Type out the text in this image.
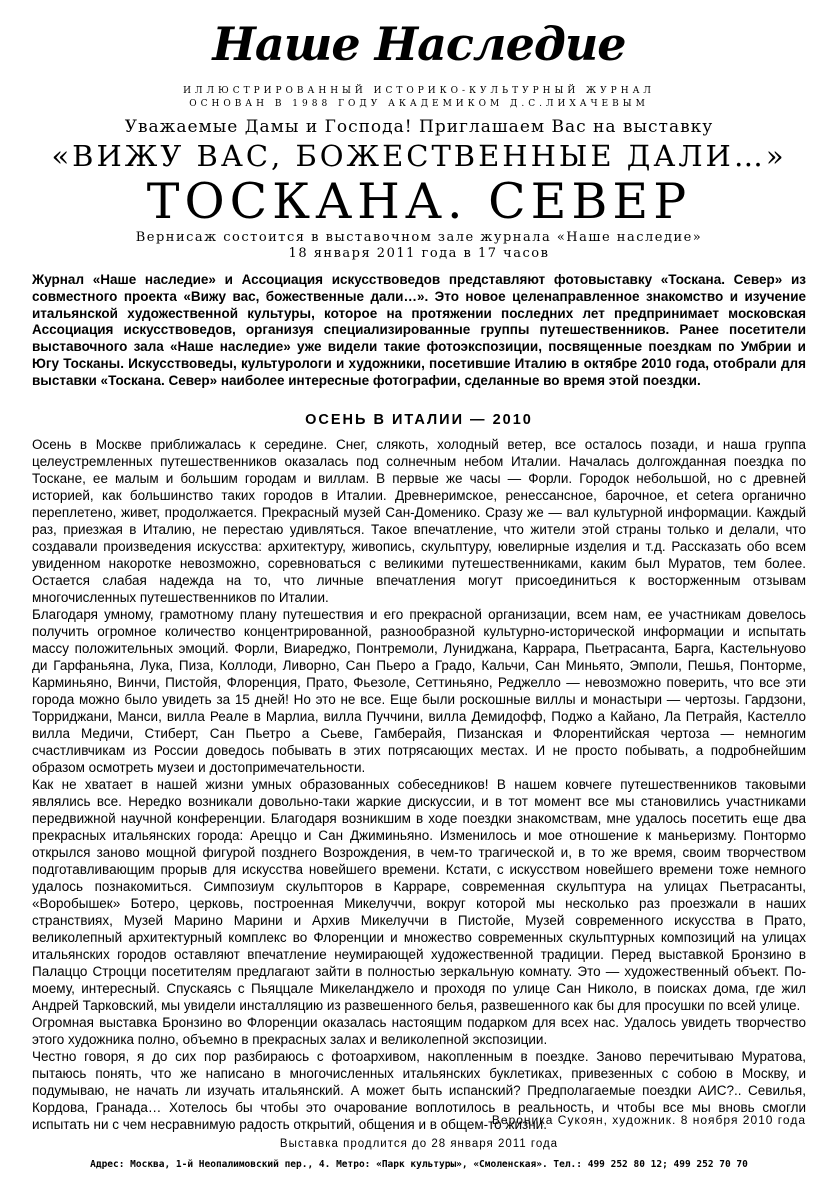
Наше Наследие
ИЛЛЮСТРИРОВАННЫЙ ИСТОРИКО-КУЛЬТУРНЫЙ ЖУРНАЛ
ОСНОВАН В 1988 ГОДУ АКАДЕМИКОМ Д.С.ЛИХАЧЕВЫМ
Уважаемые Дамы и Господа! Приглашаем Вас на выставку
«ВИЖУ ВАС, БОЖЕСТВЕННЫЕ ДАЛИ…»
ТОСКАНА. СЕВЕР
Вернисаж состоится в выставочном зале журнала «Наше наследие»
18 января 2011 года в 17 часов
Журнал «Наше наследие» и Ассоциация искусствоведов представляют фотовыставку «Тоскана. Север» из совместного проекта «Вижу вас, божественные дали…». Это новое целенаправленное знакомство и изучение итальянской художественной культуры, которое на протяжении последних лет предпринимает московская Ассоциация искусствоведов, организуя специализированные группы путешественников. Ранее посетители выставочного зала «Наше наследие» уже видели такие фотоэкспозиции, посвященные поездкам по Умбрии и Югу Тосканы. Искусствоведы, культурологи и художники, посетившие Италию в октябре 2010 года, отобрали для выставки «Тоскана. Север» наиболее интересные фотографии, сделанные во время этой поездки.
ОСЕНЬ В ИТАЛИИ — 2010

Осень в Москве приближалась к середине. Снег, слякоть, холодный ветер, все осталось позади, и наша группа целеустремленных путешественников оказалась под солнечным небом Италии. Началась долгожданная поездка по Тоскане, ее малым и большим городам и виллам. В первые же часы — Форли. Городок небольшой, но с древней историей, как большинство таких городов в Италии. Древнеримское, ренессансное, барочное, et cetera органично переплетено, живет, продолжается. Прекрасный музей Сан-Доменико. Сразу же — вал культурной информации. Каждый раз, приезжая в Италию, не перестаю удивляться. Такое впечатление, что жители этой страны только и делали, что создавали произведения искусства: архитектуру, живопись, скульптуру, ювелирные изделия и т.д. Рассказать обо всем увиденном накоротке невозможно, соревноваться с великими путешественниками, каким был Муратов, тем более. Остается слабая надежда на то, что личные впечатления могут присоединиться к восторженным отзывам многочисленных путешественников по Италии.

Благодаря умному, грамотному плану путешествия и его прекрасной организации, всем нам, ее участникам довелось получить огромное количество концентрированной, разнообразной культурно-исторической информации и испытать массу положительных эмоций. Форли, Виареджо, Понтремоли, Луниджана, Каррара, Пьетрасанта, Барга, Кастельнуово ди Гарфаньяна, Лука, Пиза, Коллоди, Ливорно, Сан Пьеро а Градо, Кальчи, Сан Миньято, Эмполи, Пешья, Понторме, Карминьяно, Винчи, Пистойя, Флоренция, Прато, Фьезоле, Сеттиньяно, Реджелло — невозможно поверить, что все эти города можно было увидеть за 15 дней! Но это не все. Еще были роскошные виллы и монастыри — чертозы. Гардзони, Торриджани, Манси, вилла Реале в Марлиа, вилла Пуччини, вилла Демидофф, Поджо а Кайано, Ла Петрайя, Кастелло вилла Медичи, Стиберт, Сан Пьетро а Сьеве, Гамберайя, Пизанская и Флорентийская чертоза — немногим счастливчикам из России доведось побывать в этих потрясающих местах. И не просто побывать, а подробнейшим образом осмотреть музеи и достопримечательности.

Как не хватает в нашей жизни умных образованных собеседников! В нашем ковчеге путешественников таковыми являлись все. Нередко возникали довольно-таки жаркие дискуссии, и в тот момент все мы становились участниками передвижной научной конференции. Благодаря возникшим в ходе поездки знакомствам, мне удалось посетить еще два прекрасных итальянских города: Ареццо и Сан Джиминьяно. Изменилось и мое отношение к маньеризму. Понтормо открылся заново мощной фигурой позднего Возрождения, в чем-то трагической и, в то же время, своим творчеством подготавливающим прорыв для искусства новейшего времени. Кстати, с искусством новейшего времени тоже немного удалось познакомиться. Симпозиум скульпторов в Карраре, современная скульптура на улицах Пьетрасанты, «Воробышек» Ботеро, церковь, построенная Микелуччи, вокруг которой мы несколько раз проезжали в наших странствиях, Музей Марино Марини и Архив Микелуччи в Пистойе, Музей современного искусства в Прато, великолепный архитектурный комплекс во Флоренции и множество современных скульптурных композиций на улицах итальянских городов оставляют впечатление неумирающей художественной традиции. Перед выставкой Бронзино в Палаццо Строцци посетителям предлагают зайти в полностью зеркальную комнату. Это — художественный объект. По-моему, интересный. Спускаясь с Пьяццале Микеланджело и проходя по улице Сан Николо, в поисках дома, где жил Андрей Тарковский, мы увидели инсталляцию из развешенного белья, развешенного как бы для просушки по всей улице.

Огромная выставка Бронзино во Флоренции оказалась настоящим подарком для всех нас. Удалось увидеть творчество этого художника полно, объемно в прекрасных залах и великолепной экспозиции.

Честно говоря, я до сих пор разбираюсь с фотоархивом, накопленным в поездке. Заново перечитываю Муратова, пытаюсь понять, что же написано в многочисленных итальянских буклетиках, привезенных с собою в Москву, и подумываю, не начать ли изучать итальянский. А может быть испанский? Предполагаемые поездки АИС?.. Севилья, Кордова, Гранада… Хотелось бы чтобы это очарование воплотилось в реальность, и чтобы все мы вновь смогли испытать ни с чем несравнимую радость открытий, общения и в общем-то жизни.

Вероника Сукоян, художник. 8 ноября 2010 года
Выставка продлится до 28 января 2011 года
Адрес: Москва, 1-й Неопалимовский пер., 4. Метро: «Парк культуры», «Смоленская». Тел.: 499 252 80 12; 499 252 70 70
